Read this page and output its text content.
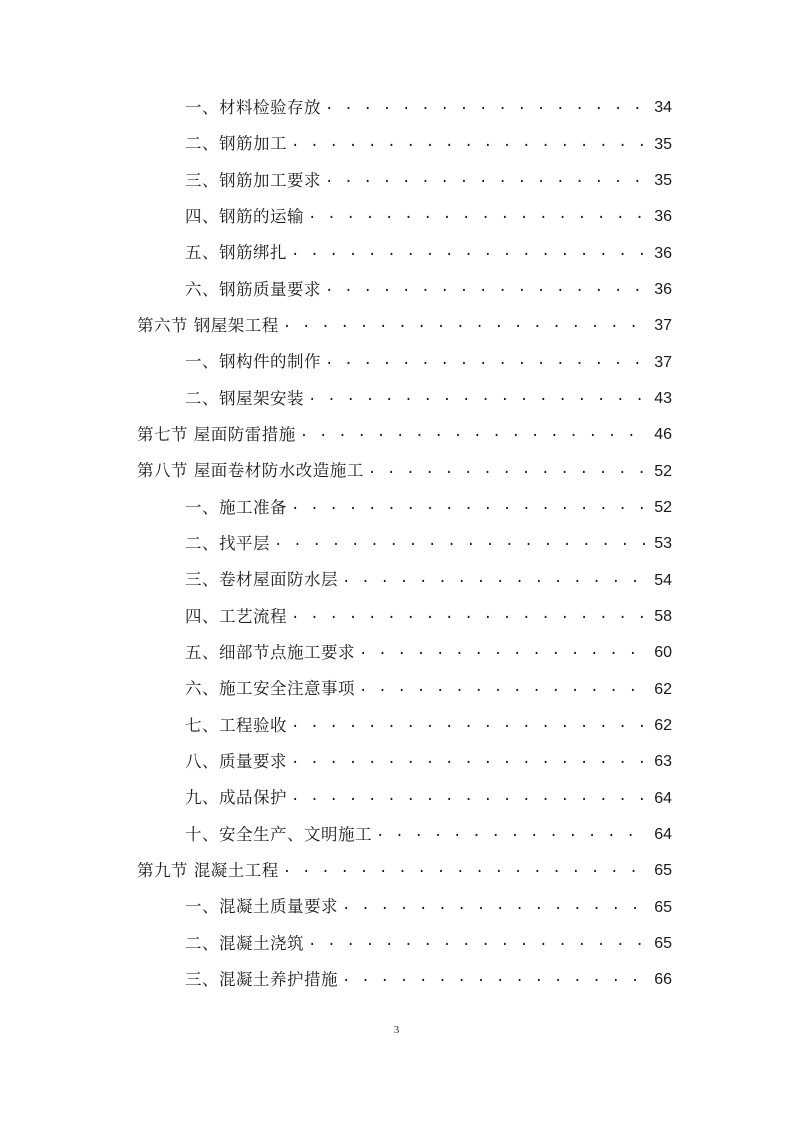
一、材料检验存放 . . .	34
二、钢筋加工 . . .	35
三、钢筋加工要求 . . .	35
四、钢筋的运输 . . .	36
五、钢筋绑扎 . . .	36
六、钢筋质量要求 . . .	36
第六节 钢屋架工程 . . .	37
一、钢构件的制作 . . .	37
二、钢屋架安装 . . .	43
第七节 屋面防雷措施 . . .	46
第八节 屋面卷材防水改造施工 . . .	52
一、施工准备 . . .	52
二、找平层 . . .	53
三、卷材屋面防水层 . . .	54
四、工艺流程 . . .	58
五、细部节点施工要求 . . .	60
六、施工安全注意事项 . . .	62
七、工程验收 . . .	62
八、质量要求 . . .	63
九、成品保护 . . .	64
十、安全生产、文明施工 . . .	64
第九节 混凝土工程 . . .	65
一、混凝土质量要求 . . .	65
二、混凝土浇筑 . . .	65
三、混凝土养护措施 . . .	66
3
